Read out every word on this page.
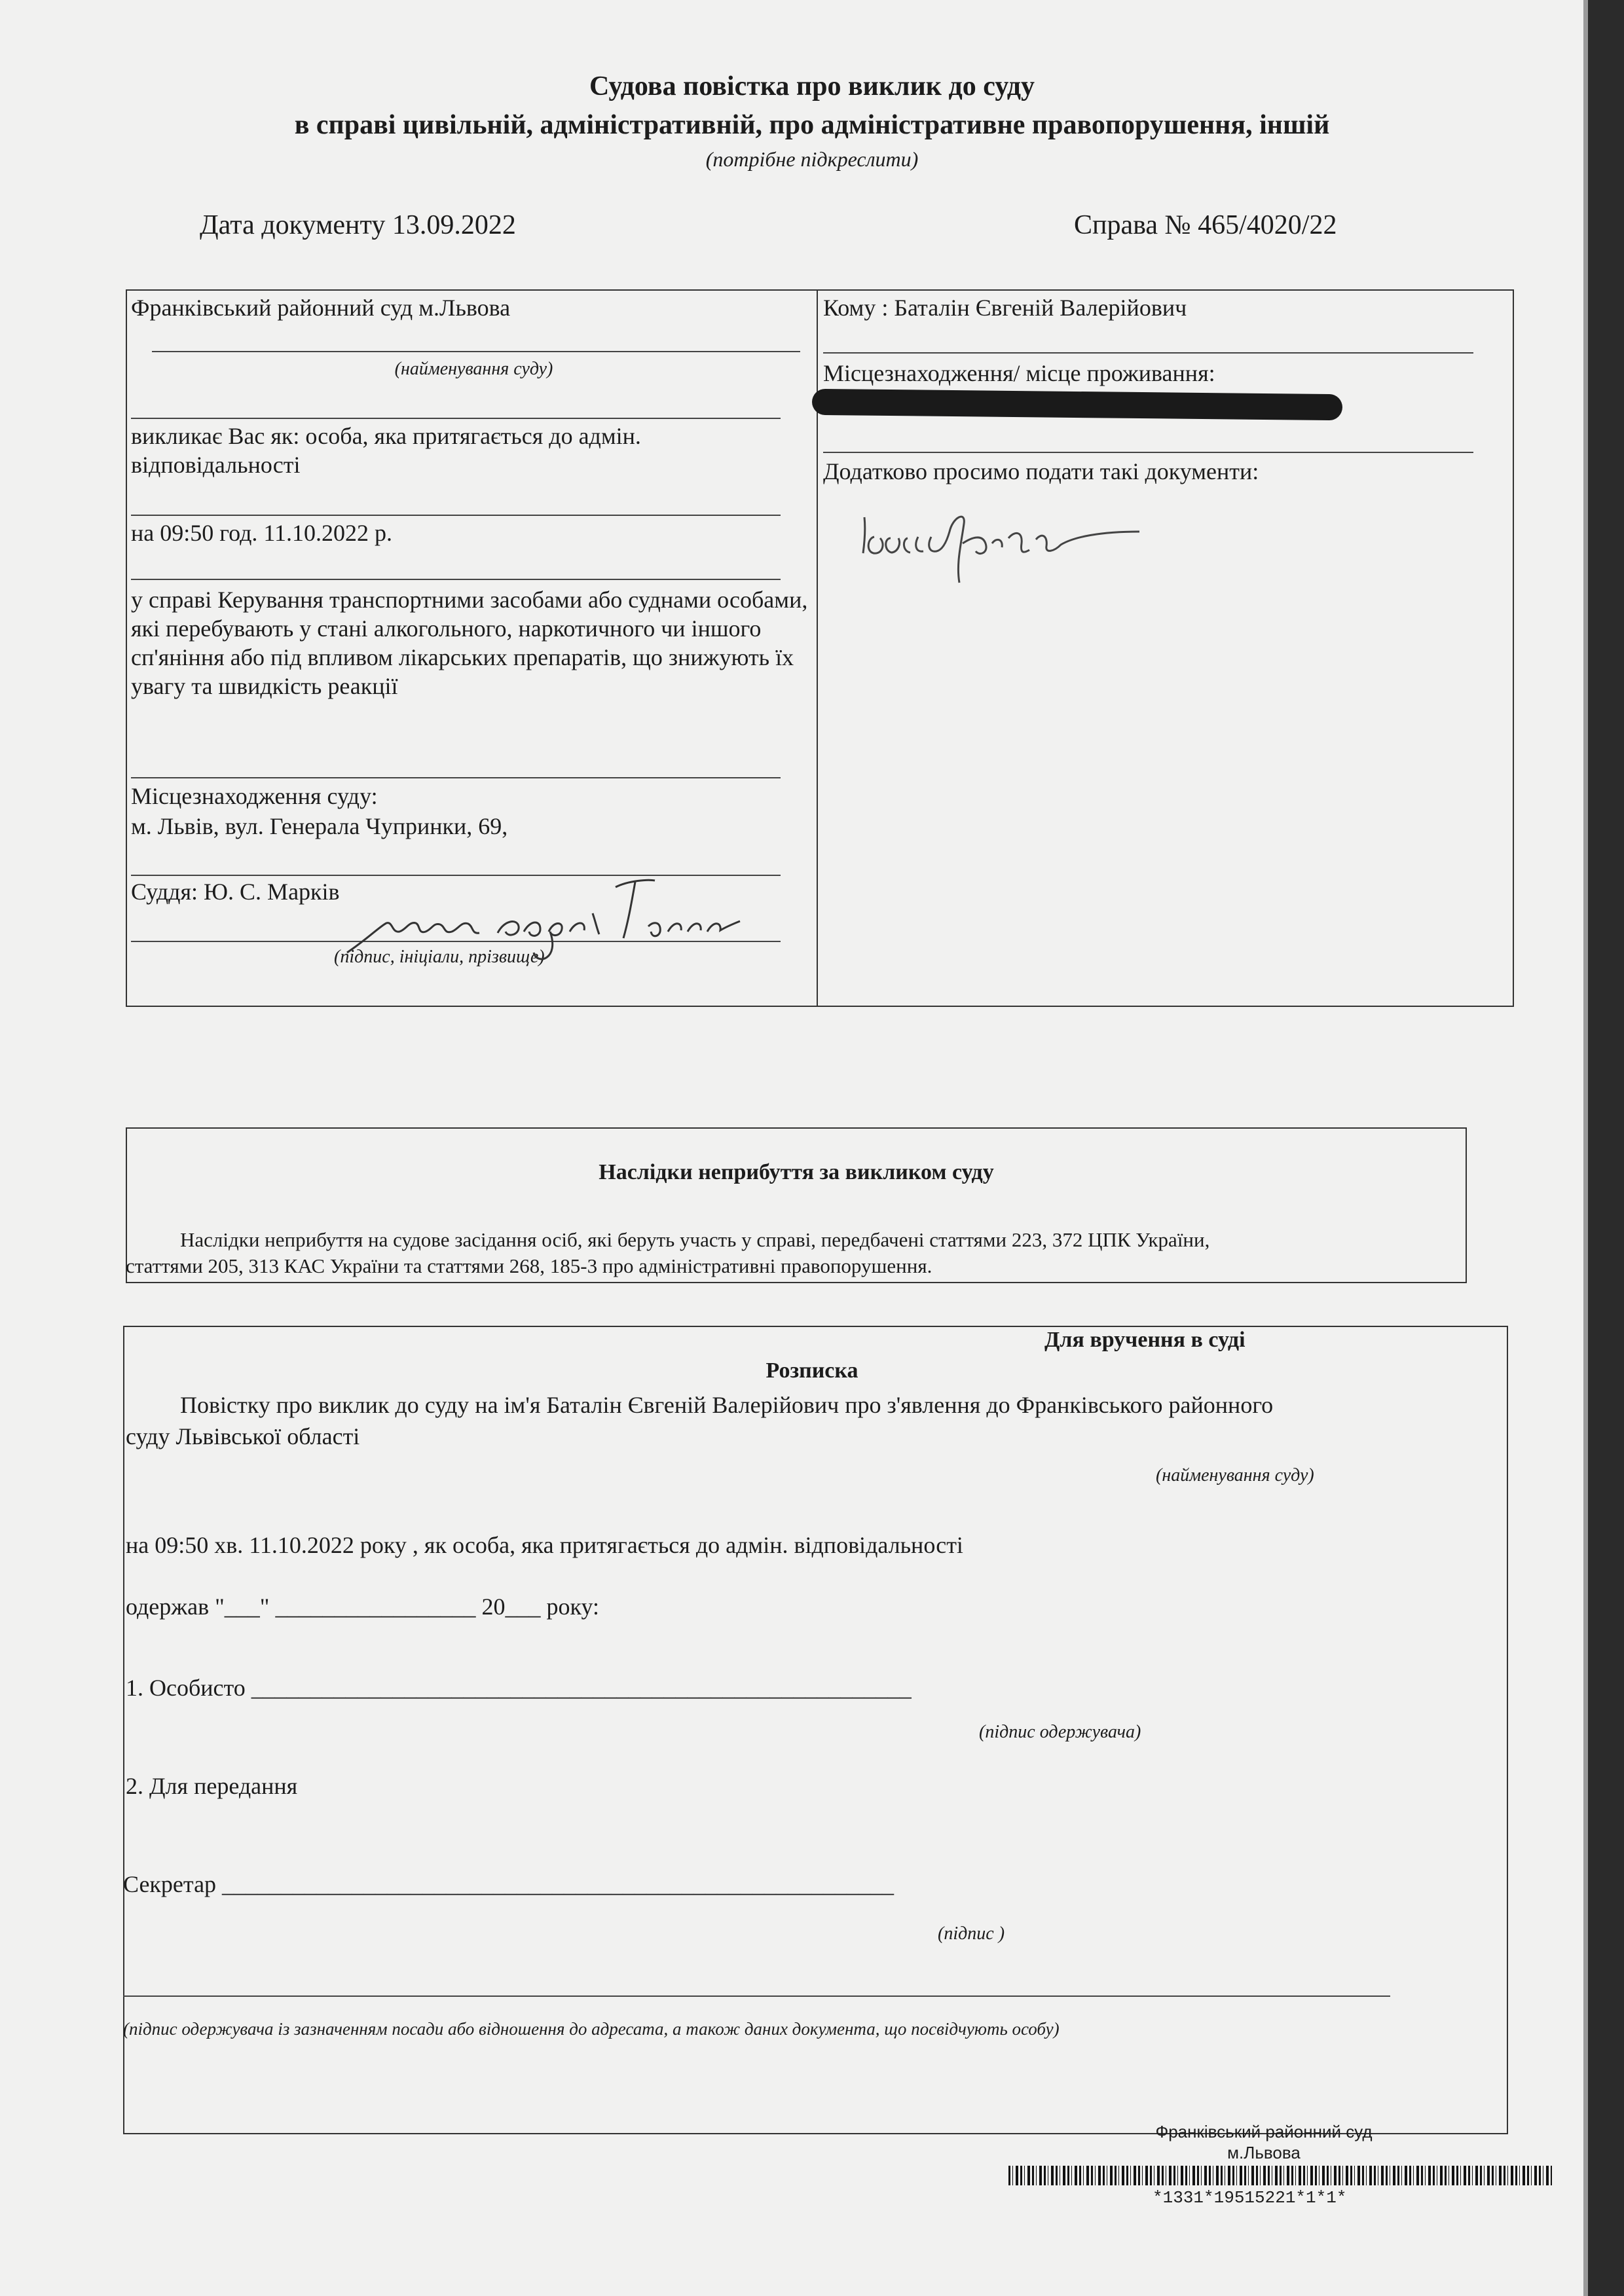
Судова повістка про виклик до суду
в справі цивільній, адміністративній, про адміністративне правопорушення, іншій
(потрібне підкреслити)
Дата документу 13.09.2022	Справа № 465/4020/22
Франківський районний суд м.Львова
(найменування суду)
викликає Вас як: особа, яка притягається до адмін. відповідальності
на 09:50 год. 11.10.2022 р.
у справі Керування транспортними засобами або суднами особами, які перебувають у стані алкогольного, наркотичного чи іншого сп'яніння або під впливом лікарських препаратів, що знижують їх увагу та швидкість реакції
Місцезнаходження суду:
м. Львів, вул. Генерала Чупринки, 69,
Суддя: Ю. С. Марків
(підпис, ініціали, прізвище)
Кому : Баталін Євгеній Валерійович
Місцезнаходження/ місце проживання:
Додатково просимо подати такі документи:
Наслідки неприбуття за викликом суду
Наслідки неприбуття на судове засідання осіб, які беруть участь у справі, передбачені статтями 223, 372 ЦПК України,
статтями 205, 313 КАС України та статтями 268, 185-3 про адміністративні правопорушення.
Для вручення в суді
Розписка
Повістку про виклик до суду на ім'я Баталін Євгеній Валерійович про з'явлення до Франківського районного
суду Львівської області
(найменування суду)
на 09:50 хв. 11.10.2022 року , як особа, яка притягається до адмін. відповідальності
одержав "___" _________________ 20___ року:
1. Особисто ________________________________________________________
(підпис одержувача)
2. Для передання
Секретар _________________________________________________________
(підпис )
(підпис одержувача із зазначенням посади або відношення до адресата, а також даних документа, що посвідчують особу)
Франківський районний суд
м.Львова
*1331*19515221*1*1*
